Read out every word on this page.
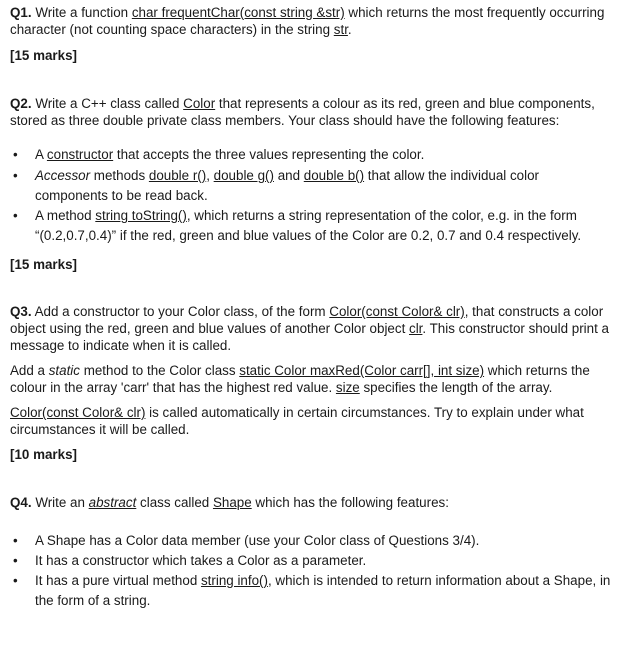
Q1. Write a function char frequentChar(const string &str) which returns the most frequently occurring character (not counting space characters) in the string str.

[15 marks]

Q2. Write a C++ class called Color that represents a colour as its red, green and blue components, stored as three double private class members. Your class should have the following features:

• A constructor that accepts the three values representing the color.
• Accessor methods double r(), double g() and double b() that allow the individual color components to be read back.
• A method string toString(), which returns a string representation of the color, e.g. in the form “(0.2,0.7,0.4)” if the red, green and blue values of the Color are 0.2, 0.7 and 0.4 respectively.

[15 marks]

Q3. Add a constructor to your Color class, of the form Color(const Color& clr), that constructs a color object using the red, green and blue values of another Color object clr. This constructor should print a message to indicate when it is called.

Add a static method to the Color class static Color maxRed(Color carr[], int size) which returns the colour in the array 'carr' that has the highest red value. size specifies the length of the array.

Color(const Color& clr) is called automatically in certain circumstances. Try to explain under what circumstances it will be called.

[10 marks]

Q4. Write an abstract class called Shape which has the following features:

• A Shape has a Color data member (use your Color class of Questions 3/4).
• It has a constructor which takes a Color as a parameter.
• It has a pure virtual method string info(), which is intended to return information about a Shape, in the form of a string.
